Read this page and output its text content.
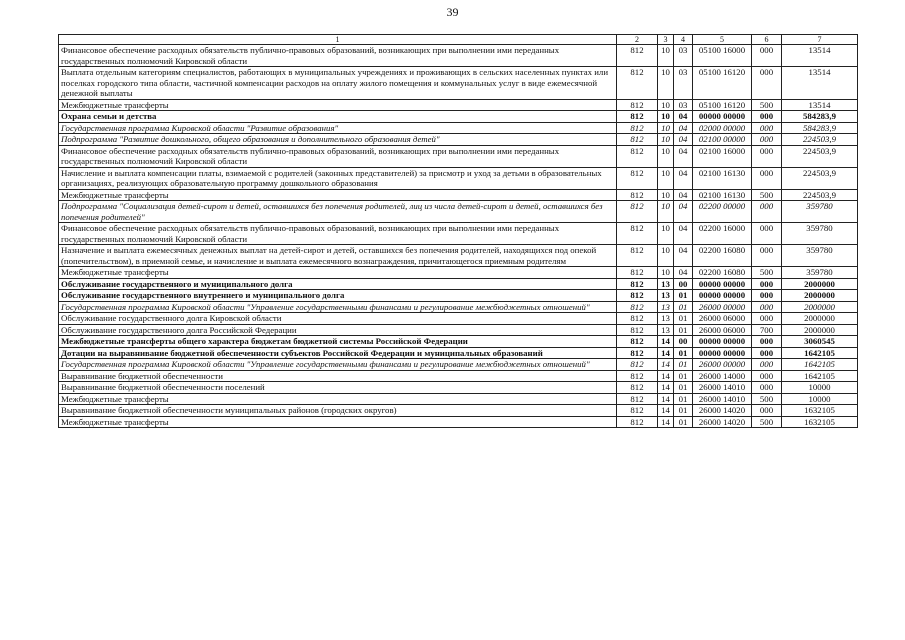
39
1	2	3	4	5	6	7
Финансовое обеспечение расходных обязательств публично-правовых образований, возникающих при выполнении ими переданных государственных полномочий Кировской области	812	10	03	05100 16000	000	13514
Выплата отдельным категориям специалистов, работающих в муниципальных учреждениях и проживающих в сельских населенных пунктах или поселках городского типа области, частичной компенсации расходов на оплату жилого помещения и коммунальных услуг в виде ежемесячной денежной выплаты	812	10	03	05100 16120	000	13514
Межбюджетные трансферты	812	10	03	05100 16120	500	13514
Охрана семьи и детства	812	10	04	00000 00000	000	584283,9
Государственная программа Кировской области "Развитие образования"	812	10	04	02000 00000	000	584283,9
Подпрограмма "Развитие дошкольного, общего образования и дополнительного образования детей"	812	10	04	02100 00000	000	224503,9
Финансовое обеспечение расходных обязательств публично-правовых образований, возникающих при выполнении ими переданных государственных полномочий Кировской области	812	10	04	02100 16000	000	224503,9
Начисление и выплата компенсации платы, взимаемой с родителей (законных представителей) за присмотр и уход за детьми в образовательных организациях, реализующих образовательную программу дошкольного образования	812	10	04	02100 16130	000	224503,9
Межбюджетные трансферты	812	10	04	02100 16130	500	224503,9
Подпрограмма "Социализация детей-сирот и детей, оставшихся без попечения родителей, лиц из числа детей-сирот и детей, оставшихся без попечения родителей"	812	10	04	02200 00000	000	359780
Финансовое обеспечение расходных обязательств публично-правовых образований, возникающих при выполнении ими переданных государственных полномочий Кировской области	812	10	04	02200 16000	000	359780
Назначение и выплата ежемесячных денежных выплат на детей-сирот и детей, оставшихся без попечения родителей, находящихся под опекой (попечительством), в приемной семье, и начисление и выплата ежемесячного вознаграждения, причитающегося приемным родителям	812	10	04	02200 16080	000	359780
Межбюджетные трансферты	812	10	04	02200 16080	500	359780
Обслуживание государственного и муниципального долга	812	13	00	00000 00000	000	2000000
Обслуживание государственного внутреннего и муниципального долга	812	13	01	00000 00000	000	2000000
Государственная программа Кировской области "Управление государственными финансами и регулирование межбюджетных отношений"	812	13	01	26000 00000	000	2000000
Обслуживание государственного долга Кировской области	812	13	01	26000 06000	000	2000000
Обслуживание государственного долга Российской Федерации	812	13	01	26000 06000	700	2000000
Межбюджетные трансферты общего характера бюджетам бюджетной системы Российской Федерации	812	14	00	00000 00000	000	3060545
Дотации на выравнивание бюджетной обеспеченности субъектов Российской Федерации и муниципальных образований	812	14	01	00000 00000	000	1642105
Государственная программа Кировской области "Управление государственными финансами и регулирование межбюджетных отношений"	812	14	01	26000 00000	000	1642105
Выравнивание бюджетной обеспеченности	812	14	01	26000 14000	000	1642105
Выравнивание бюджетной обеспеченности поселений	812	14	01	26000 14010	000	10000
Межбюджетные трансферты	812	14	01	26000 14010	500	10000
Выравнивание бюджетной обеспеченности муниципальных районов (городских округов)	812	14	01	26000 14020	000	1632105
Межбюджетные трансферты	812	14	01	26000 14020	500	1632105
